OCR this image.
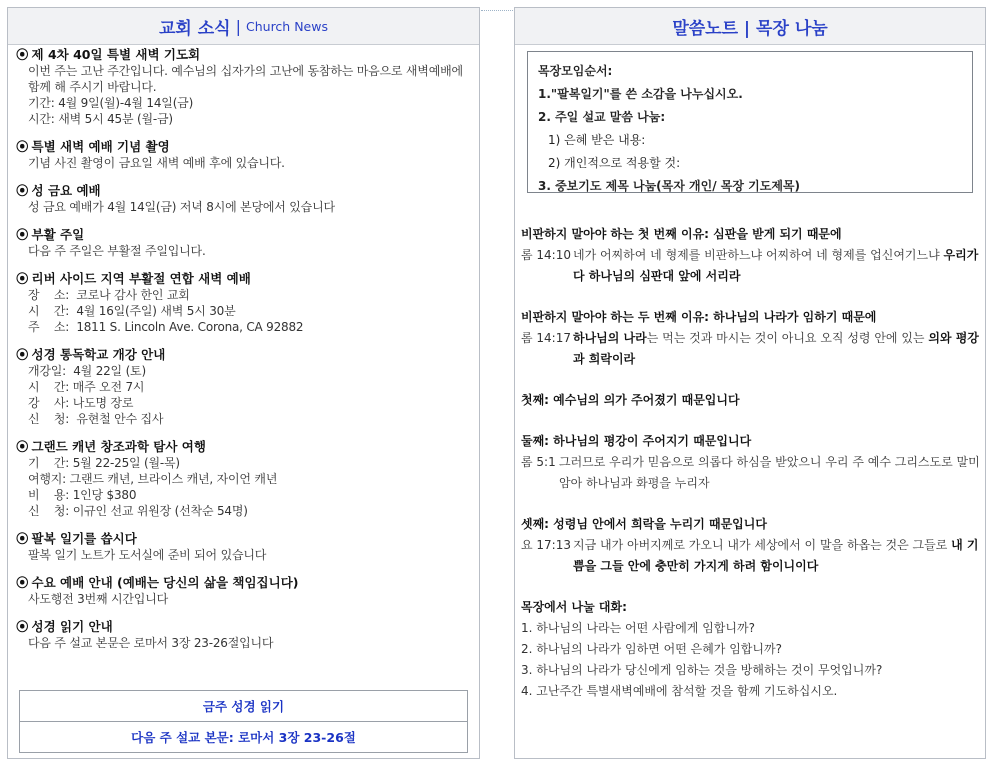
교회 소식 | Church News
⦿ 제 4차 40일 특별 새벽 기도회
이번 주는 고난 주간입니다. 예수님의 십자가의 고난에 동참하는 마음으로 새벽예배에 함께 해 주시기 바랍니다.
기간: 4월 9일(월)-4월 14일(금)
시간: 새벽 5시 45분 (월-금)
⦿ 특별 새벽 예배 기념 촬영
기념 사진 촬영이 금요일 새벽 예배 후에 있습니다.
⦿ 성 금요 예배
성 금요 예배가 4월 14일(금) 저녁 8시에 본당에서 있습니다
⦿ 부활 주일
다음 주 주일은 부활절 주일입니다.
⦿ 리버 사이드 지역 부활절 연합 새벽 예배
장    소:  코로나 감사 한인 교회
시    간:  4월 16일(주일) 새벽 5시 30분
주    소:  1811 S. Lincoln Ave. Corona, CA 92882
⦿ 성경 통독학교 개강 안내
개강일:  4월 22일 (토)
시    간: 매주 오전 7시
강    사: 나도명 장로
신    청:  유현철 안수 집사
⦿ 그랜드 캐년 창조과학 탐사 여행
기    간: 5월 22-25일 (월-목)
여행지: 그랜드 캐년, 브라이스 캐년, 자이언 캐년
비    용: 1인당 $380
신    청: 이규인 선교 위원장 (선착순 54명)
⦿ 팔복 일기를 씁시다
팔복 일기 노트가 도서실에 준비 되어 있습니다
⦿ 수요 예배 안내 (예배는 당신의 삶을 책임집니다)
사도행전 3번째 시간입니다
⦿ 성경 읽기 안내
다음 주 설교 본문은 로마서 3장 23-26절입니다
금주 성경 읽기
다음 주 설교 본문: 로마서 3장 23-26절
말씀노트 | 목장 나눔
목장모임순서:
1."팔복일기"를 쓴 소감을 나누십시오.
2. 주일 설교 말씀 나눔:
1) 은혜 받은 내용:
2) 개인적으로 적용할 것:
3. 중보기도 제목 나눔(목자 개인/ 목장 기도제목)
비판하지 말아야 하는 첫 번째 이유: 심판을 받게 되기 때문에
롬 14:10 네가 어찌하여 네 형제를 비판하느냐 어찌하여 네 형제를 업신여기느냐 우리가 다 하나님의 심판대 앞에 서리라
비판하지 말아야 하는 두 번째 이유: 하나님의 나라가 임하기 때문에
롬 14:17 하나님의 나라는 먹는 것과 마시는 것이 아니요 오직 성령 안에 있는 의와 평강과 희락이라
첫째: 예수님의 의가 주어졌기 때문입니다
둘째: 하나님의 평강이 주어지기 때문입니다
롬 5:1 그러므로 우리가 믿음으로 의롭다 하심을 받았으니 우리 주 예수 그리스도로 말미암아 하나님과 화평을 누리자
셋째: 성령님 안에서 희락을 누리기 때문입니다
요 17:13 지금 내가 아버지께로 가오니 내가 세상에서 이 말을 하옵는 것은 그들로 내 기쁨을 그들 안에 충만히 가지게 하려 함이니이다
목장에서 나눌 대화:
1. 하나님의 나라는 어떤 사람에게 임합니까?
2. 하나님의 나라가 임하면 어떤 은혜가 임합니까?
3. 하나님의 나라가 당신에게 임하는 것을 방해하는 것이 무엇입니까?
4. 고난주간 특별새벽예배에 참석할 것을 함께 기도하십시오.
